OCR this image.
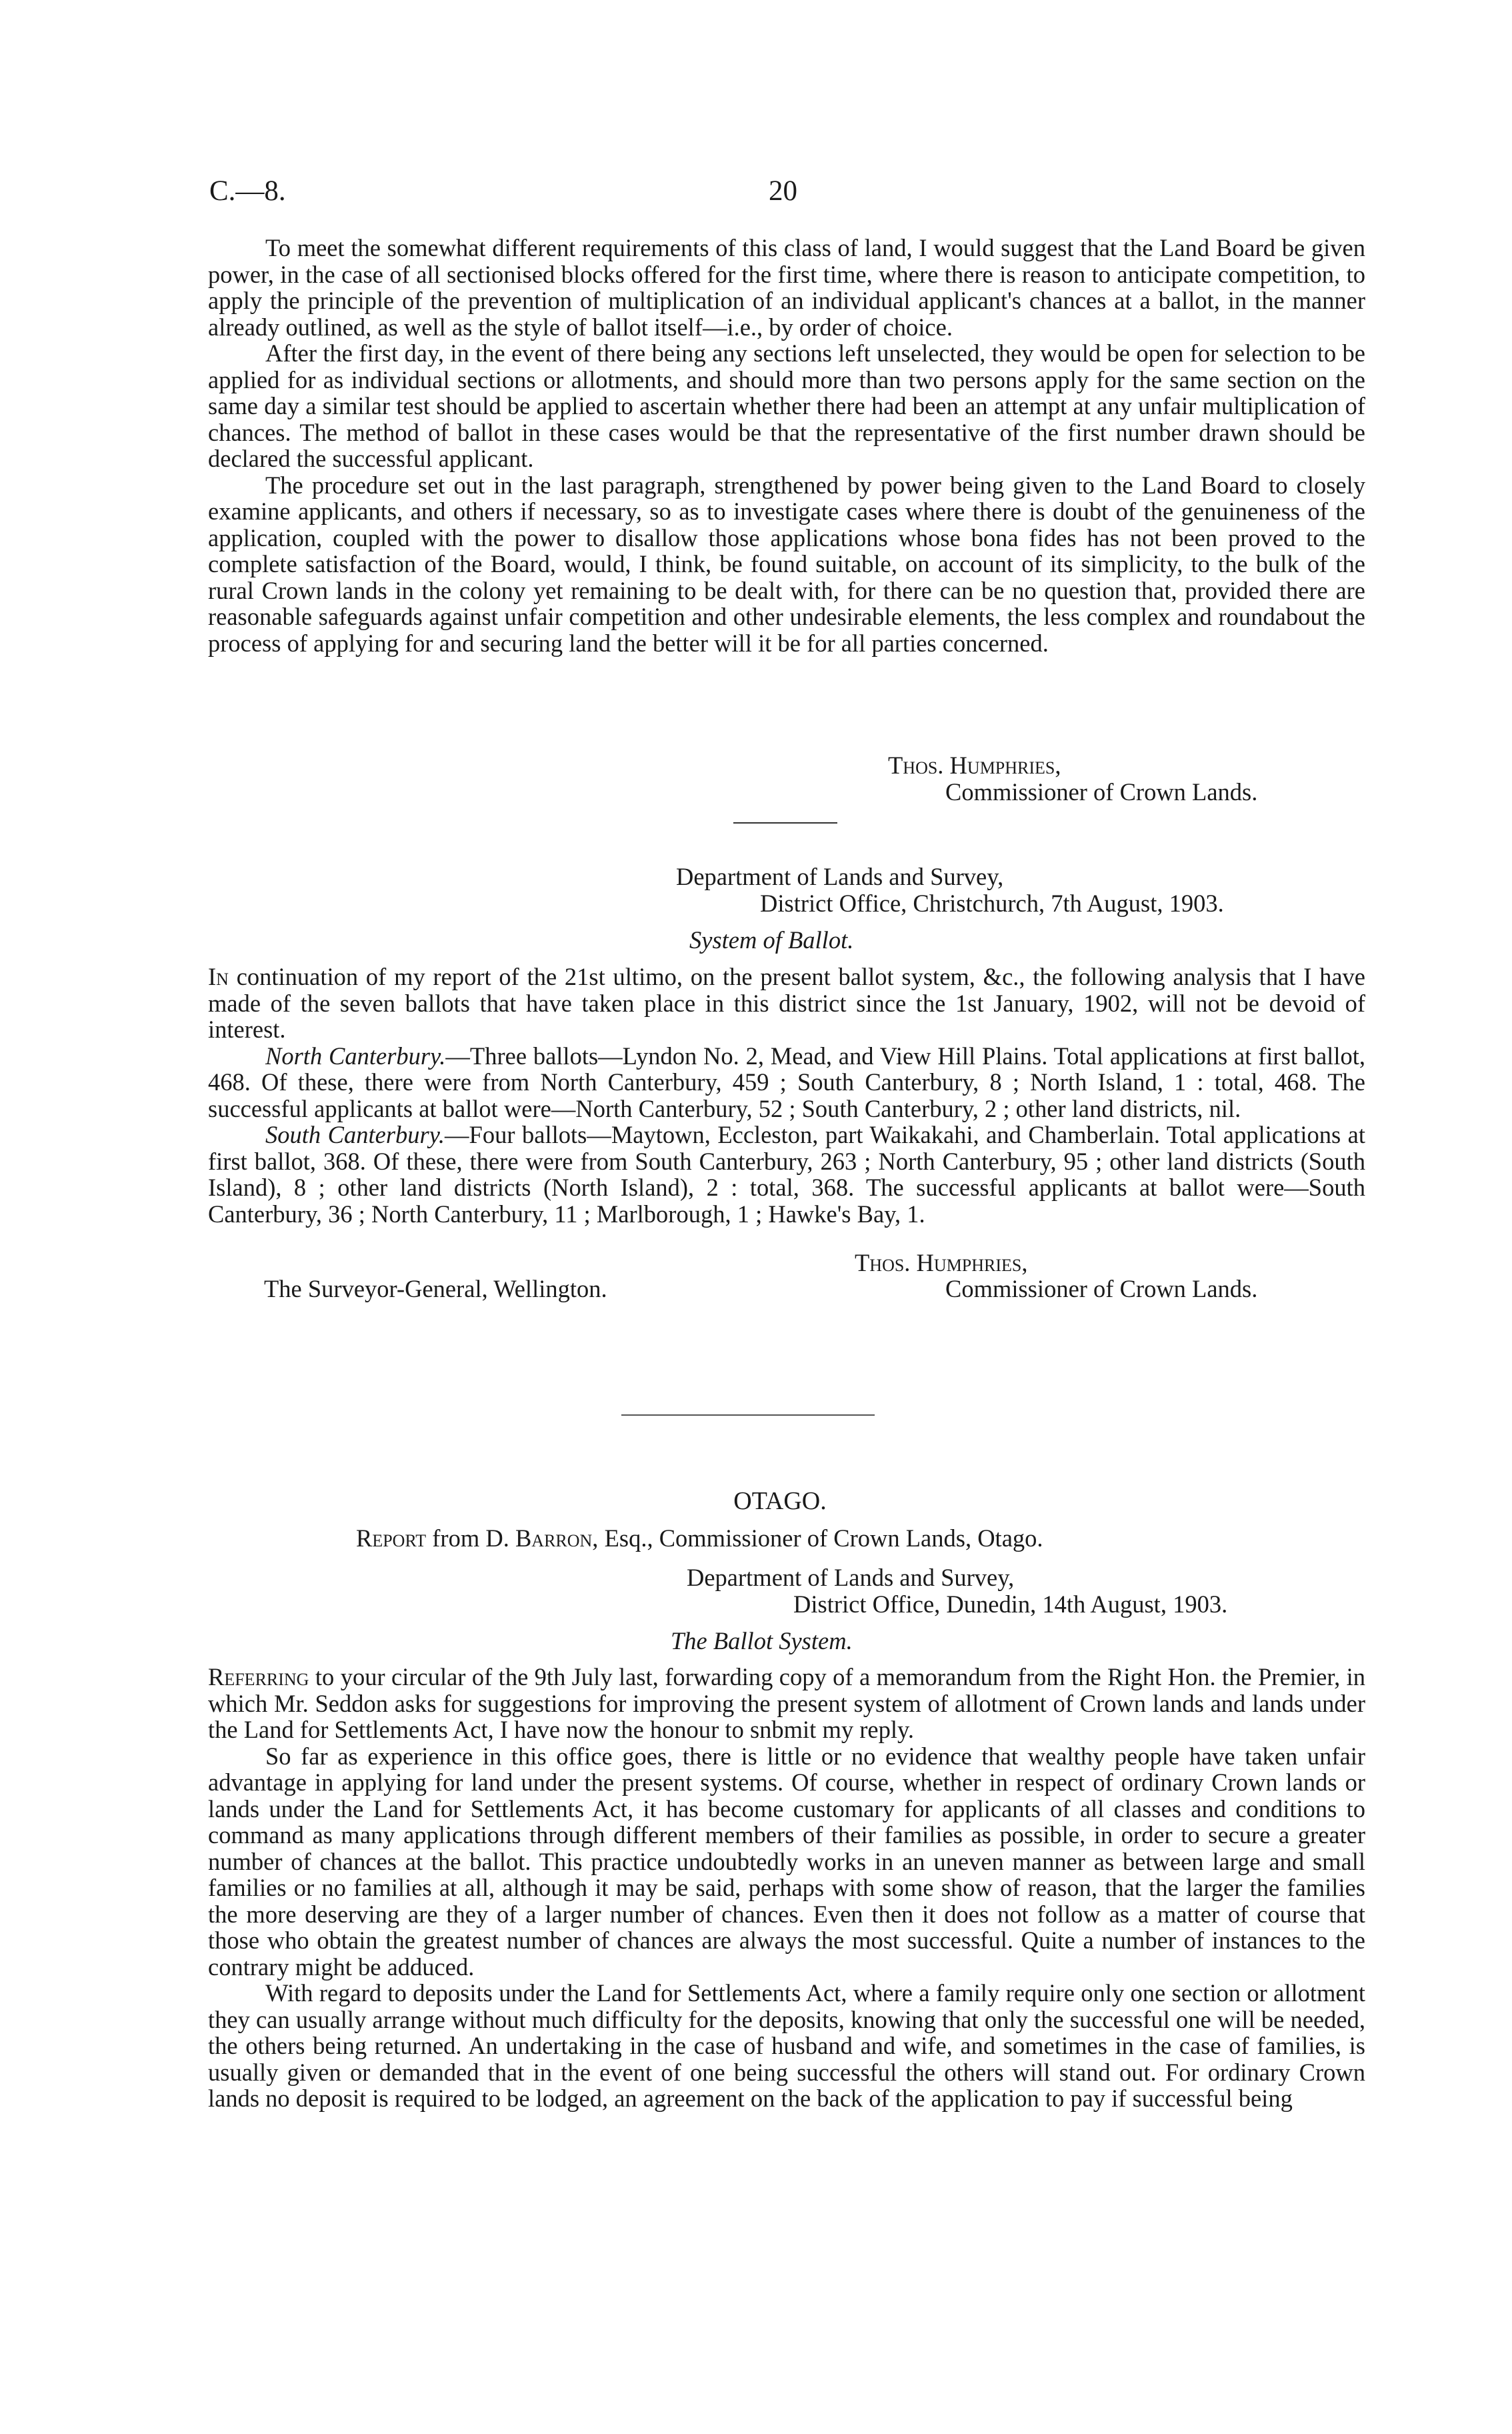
C.—8.	20

To meet the somewhat different requirements of this class of land, I would suggest that the Land Board be given power, in the case of all sectionised blocks offered for the first time, where there is reason to anticipate competition, to apply the principle of the prevention of multiplication of an individual applicant's chances at a ballot, in the manner already outlined, as well as the style of ballot itself—i.e., by order of choice.

After the first day, in the event of there being any sections left unselected, they would be open for selection to be applied for as individual sections or allotments, and should more than two persons apply for the same section on the same day a similar test should be applied to ascertain whether there had been an attempt at any unfair multiplication of chances. The method of ballot in these cases would be that the representative of the first number drawn should be declared the successful applicant.

The procedure set out in the last paragraph, strengthened by power being given to the Land Board to closely examine applicants, and others if necessary, so as to investigate cases where there is doubt of the genuineness of the application, coupled with the power to disallow those applications whose bona fides has not been proved to the complete satisfaction of the Board, would, I think, be found suitable, on account of its simplicity, to the bulk of the rural Crown lands in the colony yet remaining to be dealt with, for there can be no question that, provided there are reasonable safeguards against unfair competition and other undesirable elements, the less complex and roundabout the process of applying for and securing land the better will it be for all parties concerned.

Thos. Humphries,
Commissioner of Crown Lands.
Department of Lands and Survey,
District Office, Christchurch, 7th August, 1903.
System of Ballot.

In continuation of my report of the 21st ultimo, on the present ballot system, &c., the following analysis that I have made of the seven ballots that have taken place in this district since the 1st January, 1902, will not be devoid of interest.

North Canterbury.—Three ballots—Lyndon No. 2, Mead, and View Hill Plains. Total applications at first ballot, 468. Of these, there were from North Canterbury, 459 ; South Canterbury, 8 ; North Island, 1 : total, 468. The successful applicants at ballot were—North Canterbury, 52 ; South Canterbury, 2 ; other land districts, nil.

South Canterbury.—Four ballots—Maytown, Eccleston, part Waikakahi, and Chamberlain. Total applications at first ballot, 368. Of these, there were from South Canterbury, 263 ; North Canterbury, 95 ; other land districts (South Island), 8 ; other land districts (North Island), 2 : total, 368. The successful applicants at ballot were—South Canterbury, 36 ; North Canterbury, 11 ; Marlborough, 1 ; Hawke's Bay, 1.

Thos. Humphries,
The Surveyor-General, Wellington.	Commissioner of Crown Lands.
OTAGO.
Report from D. Barron, Esq., Commissioner of Crown Lands, Otago.
Department of Lands and Survey,
District Office, Dunedin, 14th August, 1903.
The Ballot System.

Referring to your circular of the 9th July last, forwarding copy of a memorandum from the Right Hon. the Premier, in which Mr. Seddon asks for suggestions for improving the present system of allotment of Crown lands and lands under the Land for Settlements Act, I have now the honour to snbmit my reply.

So far as experience in this office goes, there is little or no evidence that wealthy people have taken unfair advantage in applying for land under the present systems. Of course, whether in respect of ordinary Crown lands or lands under the Land for Settlements Act, it has become customary for applicants of all classes and conditions to command as many applications through different members of their families as possible, in order to secure a greater number of chances at the ballot. This practice undoubtedly works in an uneven manner as between large and small families or no families at all, although it may be said, perhaps with some show of reason, that the larger the families the more deserving are they of a larger number of chances. Even then it does not follow as a matter of course that those who obtain the greatest number of chances are always the most successful. Quite a number of instances to the contrary might be adduced.

With regard to deposits under the Land for Settlements Act, where a family require only one section or allotment they can usually arrange without much difficulty for the deposits, knowing that only the successful one will be needed, the others being returned. An undertaking in the case of husband and wife, and sometimes in the case of families, is usually given or demanded that in the event of one being successful the others will stand out. For ordinary Crown lands no deposit is required to be lodged, an agreement on the back of the application to pay if successful being
